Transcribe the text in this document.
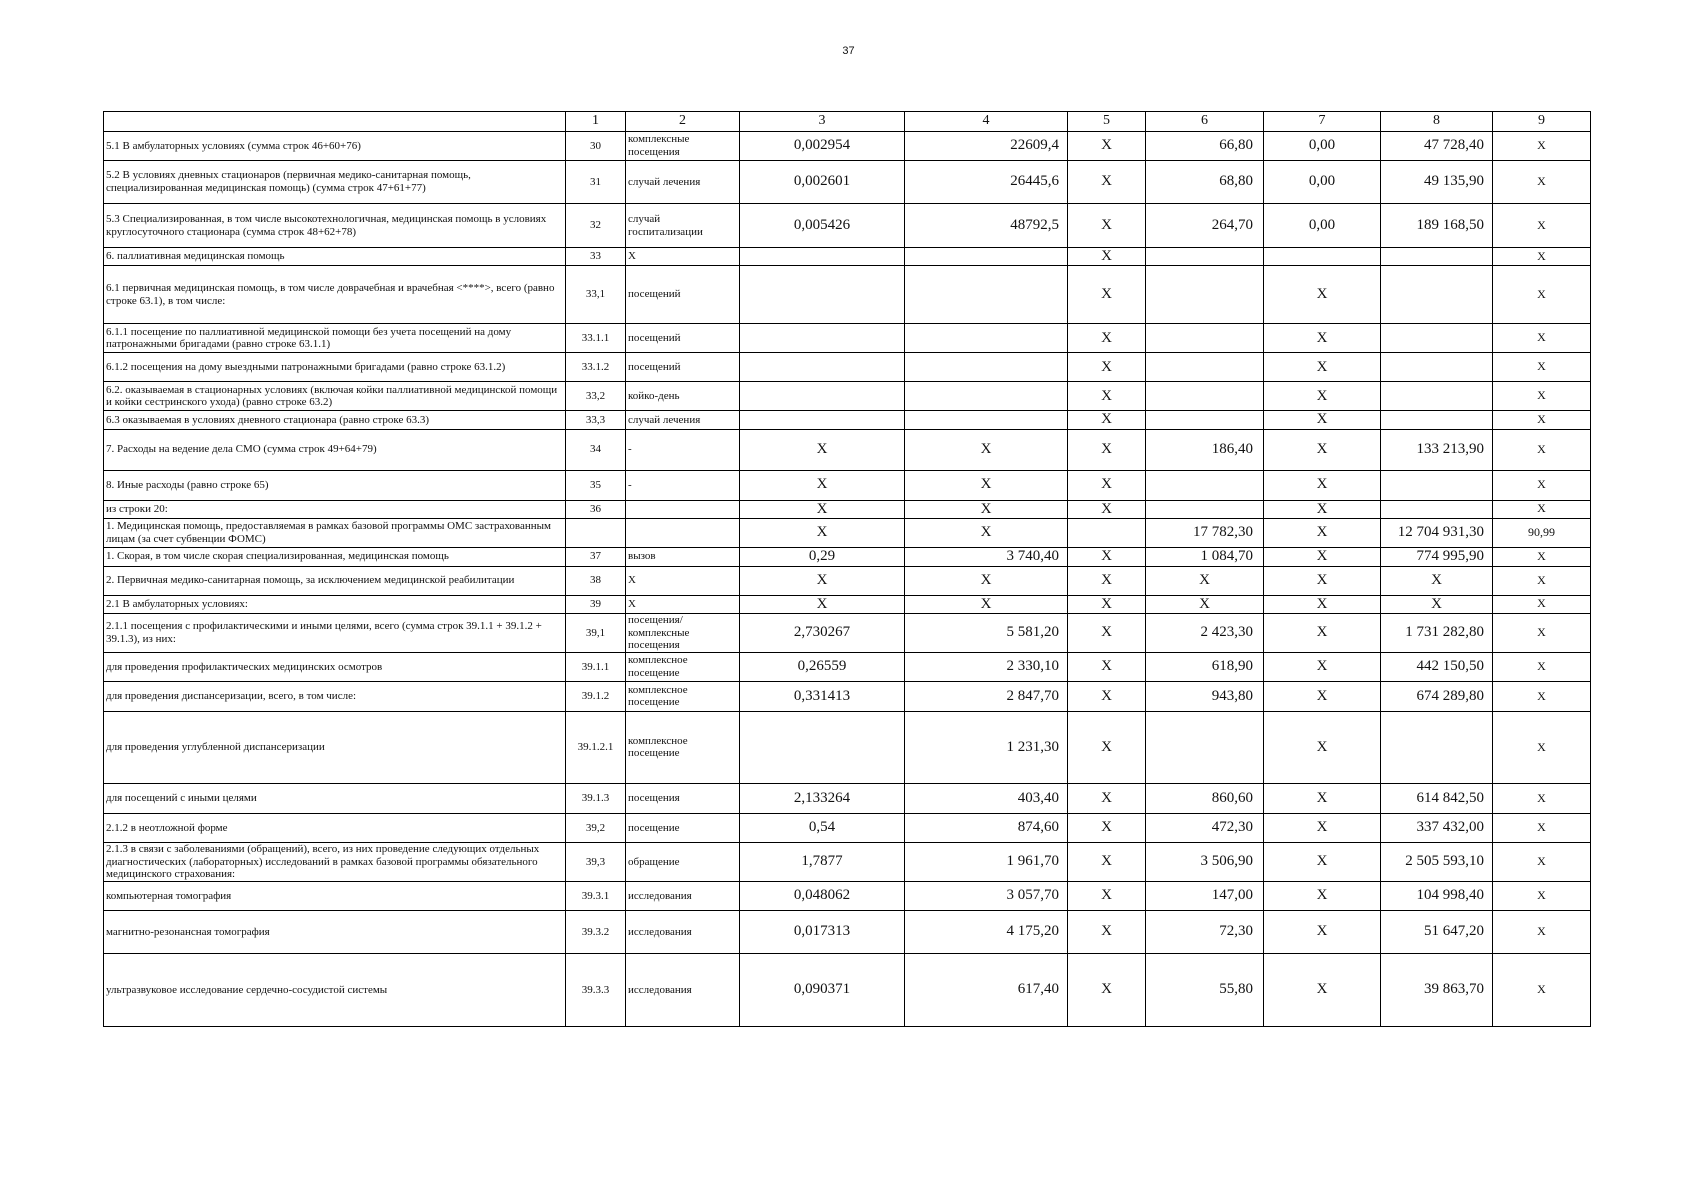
37
	1	2	3	4	5	6	7	8	9
5.1 В амбулаторных условиях (сумма строк 46+60+76)	30	комплексные посещения	0,002954	22609,4	X	66,80	0,00	47 728,40	X
5.2 В условиях дневных стационаров (первичная медико-санитарная помощь, специализированная медицинская помощь) (сумма строк 47+61+77)	31	случай лечения	0,002601	26445,6	X	68,80	0,00	49 135,90	X
5.3 Специализированная, в том числе высокотехнологичная, медицинская помощь в условиях круглосуточного стационара (сумма строк 48+62+78)	32	случай госпитализации	0,005426	48792,5	X	264,70	0,00	189 168,50	X
6. паллиативная медицинская помощь	33	X			X				X
6.1 первичная медицинская помощь, в том числе доврачебная и врачебная <****>, всего (равно строке 63.1), в том числе:	33,1	посещений			X		X		X
6.1.1 посещение по паллиативной медицинской помощи без учета посещений на дому патронажными бригадами (равно строке 63.1.1)	33.1.1	посещений			X		X		X
6.1.2 посещения на дому выездными патронажными бригадами (равно строке 63.1.2)	33.1.2	посещений			X		X		X
6.2. оказываемая в стационарных условиях (включая койки паллиативной медицинской помощи и койки сестринского ухода) (равно строке 63.2)	33,2	койко-день			X		X		X
6.3 оказываемая в условиях дневного стационара (равно строке 63.3)	33,3	случай лечения			X		X		X
7. Расходы на ведение дела СМО (сумма строк 49+64+79)	34	-	X	X	X	186,40	X	133 213,90	X
8. Иные расходы (равно строке 65)	35	-	X	X	X		X		X
из строки 20:	36		X	X	X		X		X
1. Медицинская помощь, предоставляемая в рамках базовой программы ОМС застрахованным лицам (за счет субвенции ФОМС)			X	X		17 782,30	X	12 704 931,30	90,99
1. Скорая, в том числе скорая специализированная, медицинская помощь	37	вызов	0,29	3 740,40	X	1 084,70	X	774 995,90	X
2. Первичная медико-санитарная помощь, за исключением медицинской реабилитации	38	X	X	X	X	X	X	X	X
2.1 В амбулаторных условиях:	39	X	X	X	X	X	X	X	X
2.1.1 посещения с профилактическими и иными целями, всего (сумма строк 39.1.1 + 39.1.2 + 39.1.3), из них:	39,1	посещения/комплексные посещения	2,730267	5 581,20	X	2 423,30	X	1 731 282,80	X
для проведения профилактических медицинских осмотров	39.1.1	комплексное посещение	0,26559	2 330,10	X	618,90	X	442 150,50	X
для проведения диспансеризации, всего, в том числе:	39.1.2	комплексное посещение	0,331413	2 847,70	X	943,80	X	674 289,80	X
для проведения углубленной диспансеризации	39.1.2.1	комплексное посещение		1 231,30	X		X		X
для посещений с иными целями	39.1.3	посещения	2,133264	403,40	X	860,60	X	614 842,50	X
2.1.2 в неотложной форме	39,2	посещение	0,54	874,60	X	472,30	X	337 432,00	X
2.1.3 в связи с заболеваниями (обращений), всего, из них проведение следующих отдельных диагностических (лабораторных) исследований в рамках базовой программы обязательного медицинского страхования:	39,3	обращение	1,7877	1 961,70	X	3 506,90	X	2 505 593,10	X
компьютерная томография	39.3.1	исследования	0,048062	3 057,70	X	147,00	X	104 998,40	X
магнитно-резонансная томография	39.3.2	исследования	0,017313	4 175,20	X	72,30	X	51 647,20	X
ультразвуковое исследование сердечно-сосудистой системы	39.3.3	исследования	0,090371	617,40	X	55,80	X	39 863,70	X
